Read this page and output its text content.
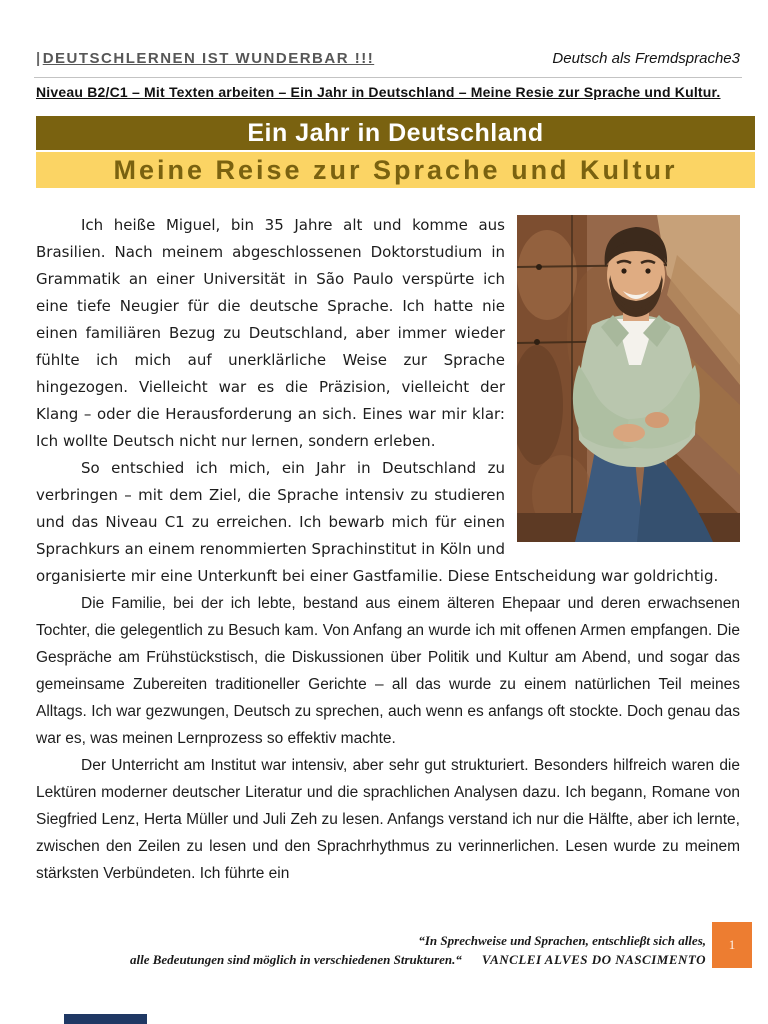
|DEUTSCHLERNEN IST WUNDERBAR !!!	Deutsch als Fremdsprache3
Niveau B2/C1 – Mit Texten arbeiten – Ein Jahr in Deutschland – Meine Resie zur Sprache und Kultur.
Ein Jahr in Deutschland
Meine Reise zur Sprache und Kultur

Ich heiße Miguel, bin 35 Jahre alt und komme aus Brasilien. Nach meinem abgeschlossenen Doktorstudium in Grammatik an einer Universität in São Paulo verspürte ich eine tiefe Neugier für die deutsche Sprache. Ich hatte nie einen familiären Bezug zu Deutschland, aber immer wieder fühlte ich mich auf unerklärliche Weise zur Sprache hingezogen. Vielleicht war es die Präzision, vielleicht der Klang – oder die Herausforderung an sich. Eines war mir klar: Ich wollte Deutsch nicht nur lernen, sondern erleben.

So entschied ich mich, ein Jahr in Deutschland zu verbringen – mit dem Ziel, die Sprache intensiv zu studieren und das Niveau C1 zu erreichen. Ich bewarb mich für einen Sprachkurs an einem renommierten Sprachinstitut in Köln und organisierte mir eine Unterkunft bei einer Gastfamilie. Diese Entscheidung war goldrichtig.

Die Familie, bei der ich lebte, bestand aus einem älteren Ehepaar und deren erwachsenen Tochter, die gelegentlich zu Besuch kam. Von Anfang an wurde ich mit offenen Armen empfangen. Die Gespräche am Frühstückstisch, die Diskussionen über Politik und Kultur am Abend, und sogar das gemeinsame Zubereiten traditioneller Gerichte – all das wurde zu einem natürlichen Teil meines Alltags. Ich war gezwungen, Deutsch zu sprechen, auch wenn es anfangs oft stockte. Doch genau das war es, was meinen Lernprozess so effektiv machte.

Der Unterricht am Institut war intensiv, aber sehr gut strukturiert. Besonders hilfreich waren die Lektüren moderner deutscher Literatur und die sprachlichen Analysen dazu. Ich begann, Romane von Siegfried Lenz, Herta Müller und Juli Zeh zu lesen. Anfangs verstand ich nur die Hälfte, aber ich lernte, zwischen den Zeilen zu lesen und den Sprachrhythmus zu verinnerlichen. Lesen wurde zu meinem stärksten Verbündeten. Ich führte ein

“In Sprechweise und Sprachen, entschlieβt sich alles,
alle Bedeutungen sind möglich in verschiedenen Strukturen.“ VANCLEI ALVES DO NASCIMENTO
1
